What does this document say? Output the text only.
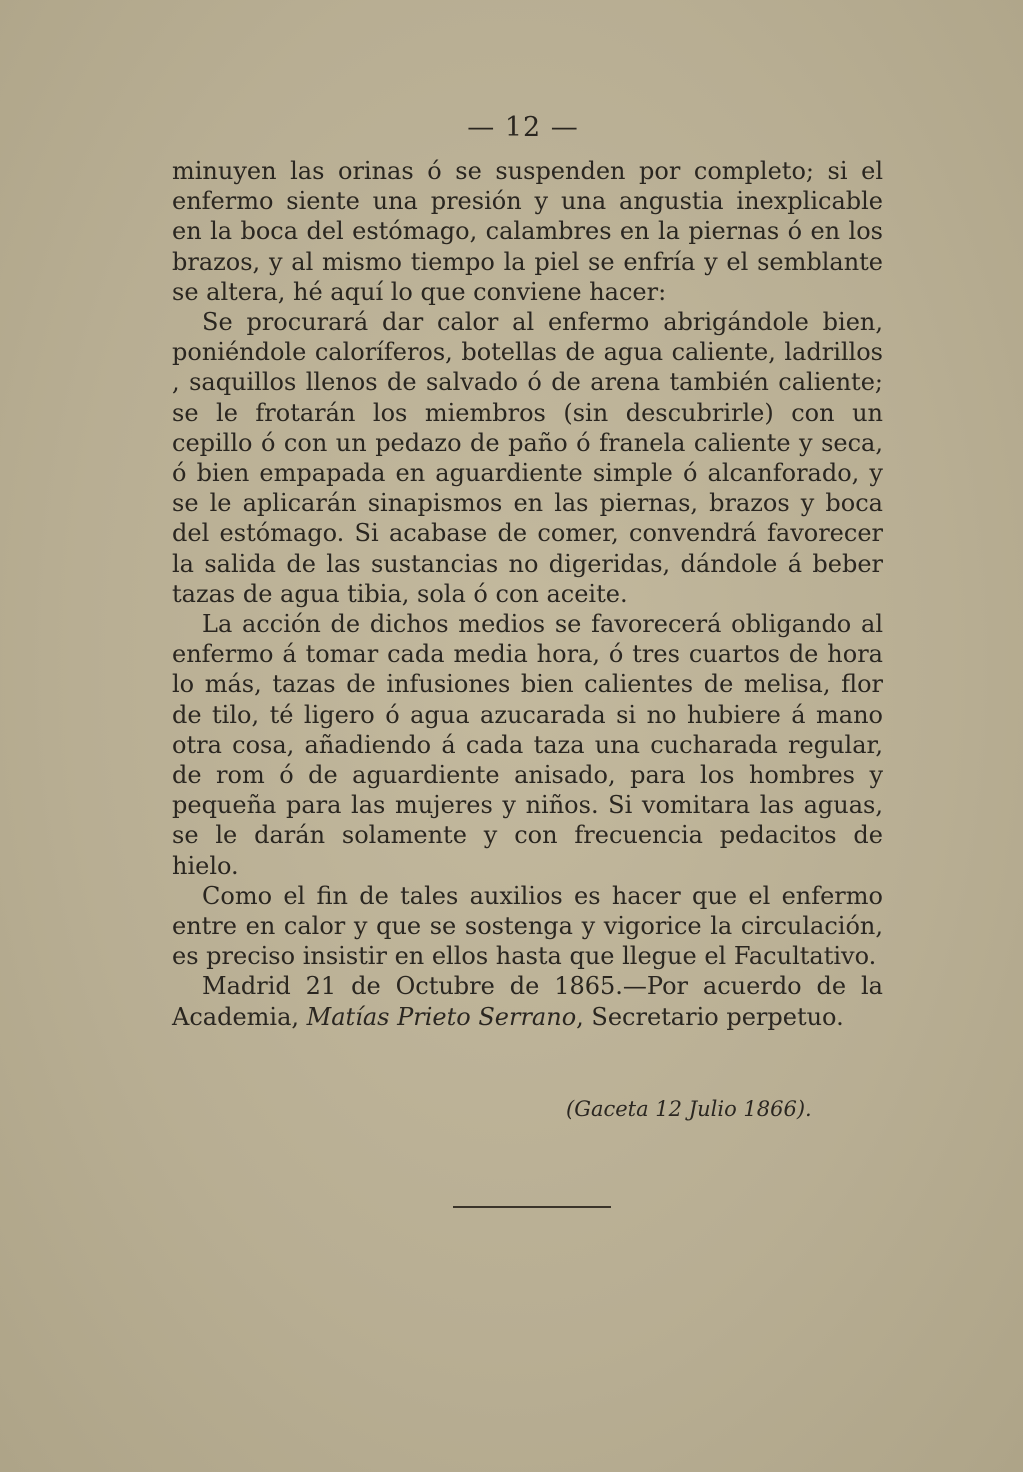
— 12 —

minuyen las orinas ó se suspenden por completo; si el enfermo siente una presión y una angustia inexplicable en la boca del estómago, calambres en la piernas ó en los brazos, y al mismo tiempo la piel se enfría y el semblante se altera, hé aquí lo que conviene hacer:

Se procurará dar calor al enfermo abrigándole bien, poniéndole caloríferos, botellas de agua caliente, ladrillos , saquillos llenos de salvado ó de arena también caliente; se le frotarán los miembros (sin descubrirle) con un cepillo ó con un pedazo de paño ó franela caliente y seca, ó bien empapada en aguardiente simple ó alcanforado, y se le aplicarán sinapismos en las piernas, brazos y boca del estómago. Si acabase de comer, convendrá favorecer la salida de las sustancias no digeridas, dándole á beber tazas de agua tibia, sola ó con aceite.

La acción de dichos medios se favorecerá obligando al enfermo á tomar cada media hora, ó tres cuartos de hora lo más, tazas de infusiones bien calientes de melisa, flor de tilo, té ligero ó agua azucarada si no hubiere á mano otra cosa, añadiendo á cada taza una cucharada regular, de rom ó de aguardiente anisado, para los hombres y pequeña para las mujeres y niños. Si vomitara las aguas, se le darán solamente y con frecuencia pedacitos de hielo.

Como el fin de tales auxilios es hacer que el enfermo entre en calor y que se sostenga y vigorice la circulación, es preciso insistir en ellos hasta que llegue el Facultativo.

Madrid 21 de Octubre de 1865.—Por acuerdo de la Academia, Matías Prieto Serrano, Secretario perpetuo.

(Gaceta 12 Julio 1866).
